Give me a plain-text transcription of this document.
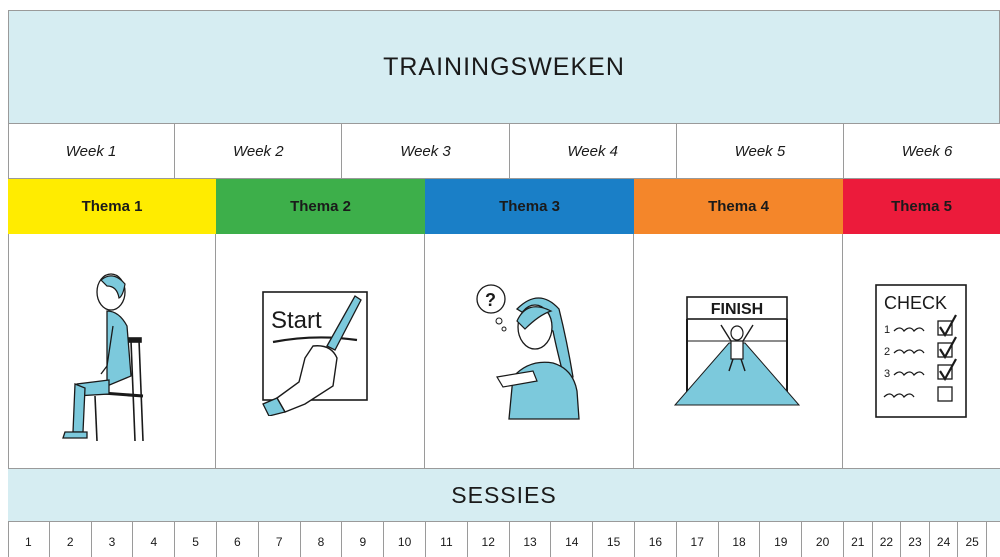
TRAININGSWEKEN
Week 1	Week 2	Week 3	Week 4	Week 5	Week 6
Thema 1	Thema 2	Thema 3	Thema 4	Thema 5
Start
?	FINISH	CHECK
1
2
3
SESSIES
1	2	3	4	5	6	7	8	9	10	11	12	13	14	15	16	17	18	19	20	21	22	23	24	25
